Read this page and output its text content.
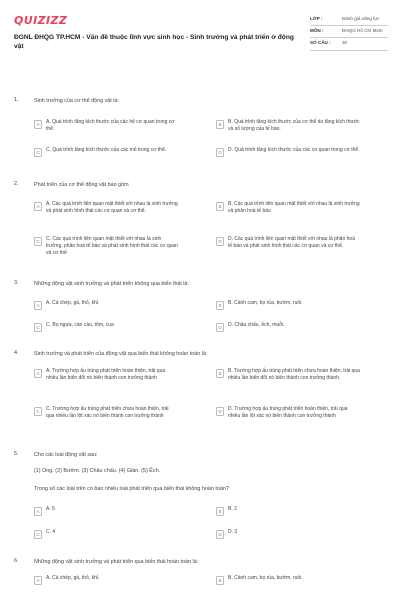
QUIZIZZ
ĐGNL ĐHQG TP.HCM - Vấn đề thuộc lĩnh vực sinh học - Sinh trưởng và phát triển ở động vật
LỚP :	Đánh giá năng lực
MÔN :	ĐHQG Hồ Chí Minh
SỐ CÂU :	30
1.	Sinh trưởng của cơ thể động vật là:
A	A. Quá trình tăng kích thước của các hệ cơ quan trong cơ thể.
B	B. Quá trình tăng kích thước của cơ thể do tăng kích thước và số lượng của tế bào.
C	C. Quá trình tăng kích thước của các mô trong cơ thể.	D	D. Quá trình tăng kích thước của các cơ quan trong cơ thể.
2.	Phát triển của cơ thể động vật bao gồm
A	A. Các quá trình liên quan mật thiết với nhau là sinh trưởng và phát sinh hình thái các cơ quan và cơ thể.
B	B. Các quá trình liên quan mật thiết với nhau là sinh trưởng và phân hoá tế bào
C	C. Các quá trình liên quan mật thiết với nhau là sinh trưởng, phân hoá tế bào và phát sinh hình thái các cơ quan và cơ thể
D	D. Các quá trình liên quan mật thiết với nhau là phân hoá tế bào và phát sinh hình thái các cơ quan và cơ thể.
3.	Những động vật sinh trưởng và phát triển không qua biến thái là:
A	A. Cá chép, gà, thỏ, khỉ.	B	B. Cánh cam, bọ rùa, bướm, ruồi.
C	C. Bọ ngựa, cào cào, tôm, cua	D	D. Châu chấu, ếch, muỗi.
4.	Sinh trưởng và phát triển của động vật qua biến thái không hoàn toàn là:
A	A. Trường hợp ấu trùng phát triển hoàn thiện, trải qua nhiều lần biến đổi nó biến thành con trưởng thành
B	B. Trường hợp ấu trùng phát triển chưa hoàn thiện, trải qua nhiều lần biến đổi nó biến thành con trưởng thành.
C	C. Trường hợp ấu trùng phát triển chưa hoàn thiện, trải qua nhiều lần lột xác nó biến thành con trưởng thành
D	D. Trường hợp ấu trùng phát triển hoàn thiện, trải qua nhiều lần lột xác nó biến thành con trưởng thành
5.	Cho các loài động vật sau:
(1) Ong. (2) Bướm. (3) Châu chấu. (4) Gián. (5) Ếch.
Trong số các loài trên có bao nhiêu loài phát triển qua biến thái không hoàn toàn?
A	A. 5	B	B. 2
C	C. 4	D	D. 3
6.	Những động vật sinh trưởng và phát triển qua biến thái hoàn toàn là:
A	A. Cá chép, gà, thỏ, khỉ.	B	B. Cánh cam, bọ rùa, bướm, ruồi.
